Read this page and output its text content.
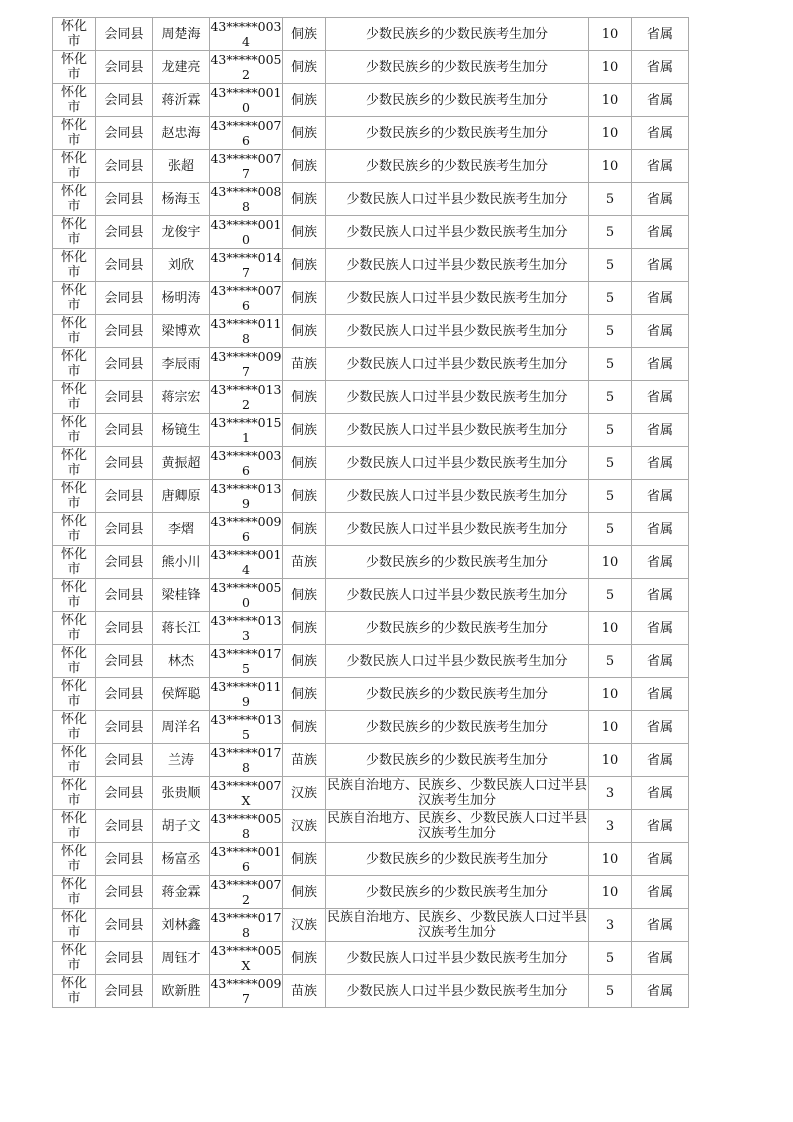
怀化市	会同县	周楚海	43*****0034	侗族	少数民族乡的少数民族考生加分	10	省属

怀化市	会同县	龙建亮	43*****0052	侗族	少数民族乡的少数民族考生加分	10	省属

怀化市	会同县	蒋沂霖	43*****0010	侗族	少数民族乡的少数民族考生加分	10	省属

怀化市	会同县	赵忠海	43*****0076	侗族	少数民族乡的少数民族考生加分	10	省属

怀化市	会同县	张超	43*****0077	侗族	少数民族乡的少数民族考生加分	10	省属

怀化市	会同县	杨海玉	43*****0088	侗族	少数民族人口过半县少数民族考生加分	5	省属

怀化市	会同县	龙俊宇	43*****0010	侗族	少数民族人口过半县少数民族考生加分	5	省属

怀化市	会同县	刘欣	43*****0147	侗族	少数民族人口过半县少数民族考生加分	5	省属

怀化市	会同县	杨明涛	43*****0076	侗族	少数民族人口过半县少数民族考生加分	5	省属

怀化市	会同县	梁博欢	43*****0118	侗族	少数民族人口过半县少数民族考生加分	5	省属

怀化市	会同县	李辰雨	43*****0097	苗族	少数民族人口过半县少数民族考生加分	5	省属

怀化市	会同县	蒋宗宏	43*****0132	侗族	少数民族人口过半县少数民族考生加分	5	省属

怀化市	会同县	杨镜生	43*****0151	侗族	少数民族人口过半县少数民族考生加分	5	省属

怀化市	会同县	黄振超	43*****0036	侗族	少数民族人口过半县少数民族考生加分	5	省属

怀化市	会同县	唐卿原	43*****0139	侗族	少数民族人口过半县少数民族考生加分	5	省属

怀化市	会同县	李熠	43*****0096	侗族	少数民族人口过半县少数民族考生加分	5	省属

怀化市	会同县	熊小川	43*****0014	苗族	少数民族乡的少数民族考生加分	10	省属

怀化市	会同县	梁桂锋	43*****0050	侗族	少数民族人口过半县少数民族考生加分	5	省属

怀化市	会同县	蒋长江	43*****0133	侗族	少数民族乡的少数民族考生加分	10	省属

怀化市	会同县	林杰	43*****0175	侗族	少数民族人口过半县少数民族考生加分	5	省属

怀化市	会同县	侯辉聪	43*****0119	侗族	少数民族乡的少数民族考生加分	10	省属

怀化市	会同县	周洋名	43*****0135	侗族	少数民族乡的少数民族考生加分	10	省属

怀化市	会同县	兰涛	43*****0178	苗族	少数民族乡的少数民族考生加分	10	省属

怀化市	会同县	张贵顺	43*****007X	汉族	民族自治地方、民族乡、少数民族人口过半县汉族考生加分	3	省属

怀化市	会同县	胡子文	43*****0058	汉族	民族自治地方、民族乡、少数民族人口过半县汉族考生加分	3	省属

怀化市	会同县	杨富丞	43*****0016	侗族	少数民族乡的少数民族考生加分	10	省属

怀化市	会同县	蒋金霖	43*****0072	侗族	少数民族乡的少数民族考生加分	10	省属

怀化市	会同县	刘林鑫	43*****0178	汉族	民族自治地方、民族乡、少数民族人口过半县汉族考生加分	3	省属

怀化市	会同县	周钰才	43*****005X	侗族	少数民族人口过半县少数民族考生加分	5	省属

怀化市	会同县	欧新胜	43*****0097	苗族	少数民族人口过半县少数民族考生加分	5	省属
